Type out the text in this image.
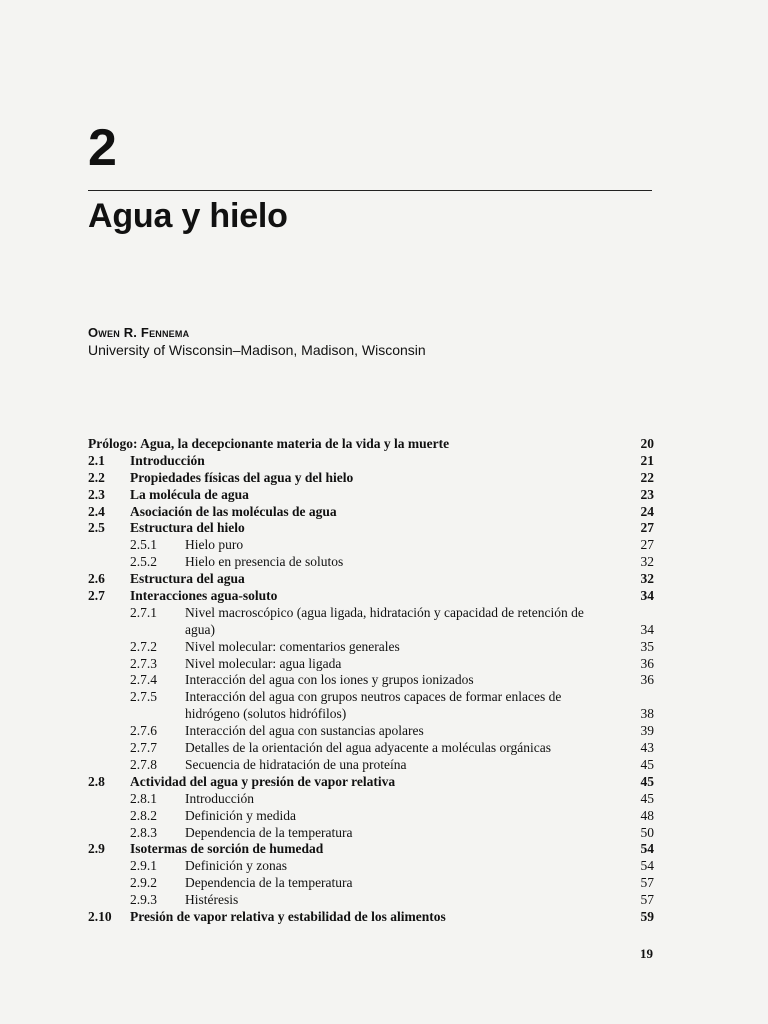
2
Agua y hielo
Owen R. Fennema
University of Wisconsin–Madison, Madison, Wisconsin
Prólogo: Agua, la decepcionante materia de la vida y la muerte	20
2.1 Introducción	21
2.2 Propiedades físicas del agua y del hielo	22
2.3 La molécula de agua	23
2.4 Asociación de las moléculas de agua	24
2.5 Estructura del hielo	27
2.5.1 Hielo puro	27
2.5.2 Hielo en presencia de solutos	32
2.6 Estructura del agua	32
2.7 Interacciones agua-soluto	34
2.7.1 Nivel macroscópico (agua ligada, hidratación y capacidad de retención de agua)	34
2.7.2 Nivel molecular: comentarios generales	35
2.7.3 Nivel molecular: agua ligada	36
2.7.4 Interacción del agua con los iones y grupos ionizados	36
2.7.5 Interacción del agua con grupos neutros capaces de formar enlaces de hidrógeno (solutos hidrófilos)	38
2.7.6 Interacción del agua con sustancias apolares	39
2.7.7 Detalles de la orientación del agua adyacente a moléculas orgánicas	43
2.7.8 Secuencia de hidratación de una proteína	45
2.8 Actividad del agua y presión de vapor relativa	45
2.8.1 Introducción	45
2.8.2 Definición y medida	48
2.8.3 Dependencia de la temperatura	50
2.9 Isotermas de sorción de humedad	54
2.9.1 Definición y zonas	54
2.9.2 Dependencia de la temperatura	57
2.9.3 Histéresis	57
2.10 Presión de vapor relativa y estabilidad de los alimentos	59
19
